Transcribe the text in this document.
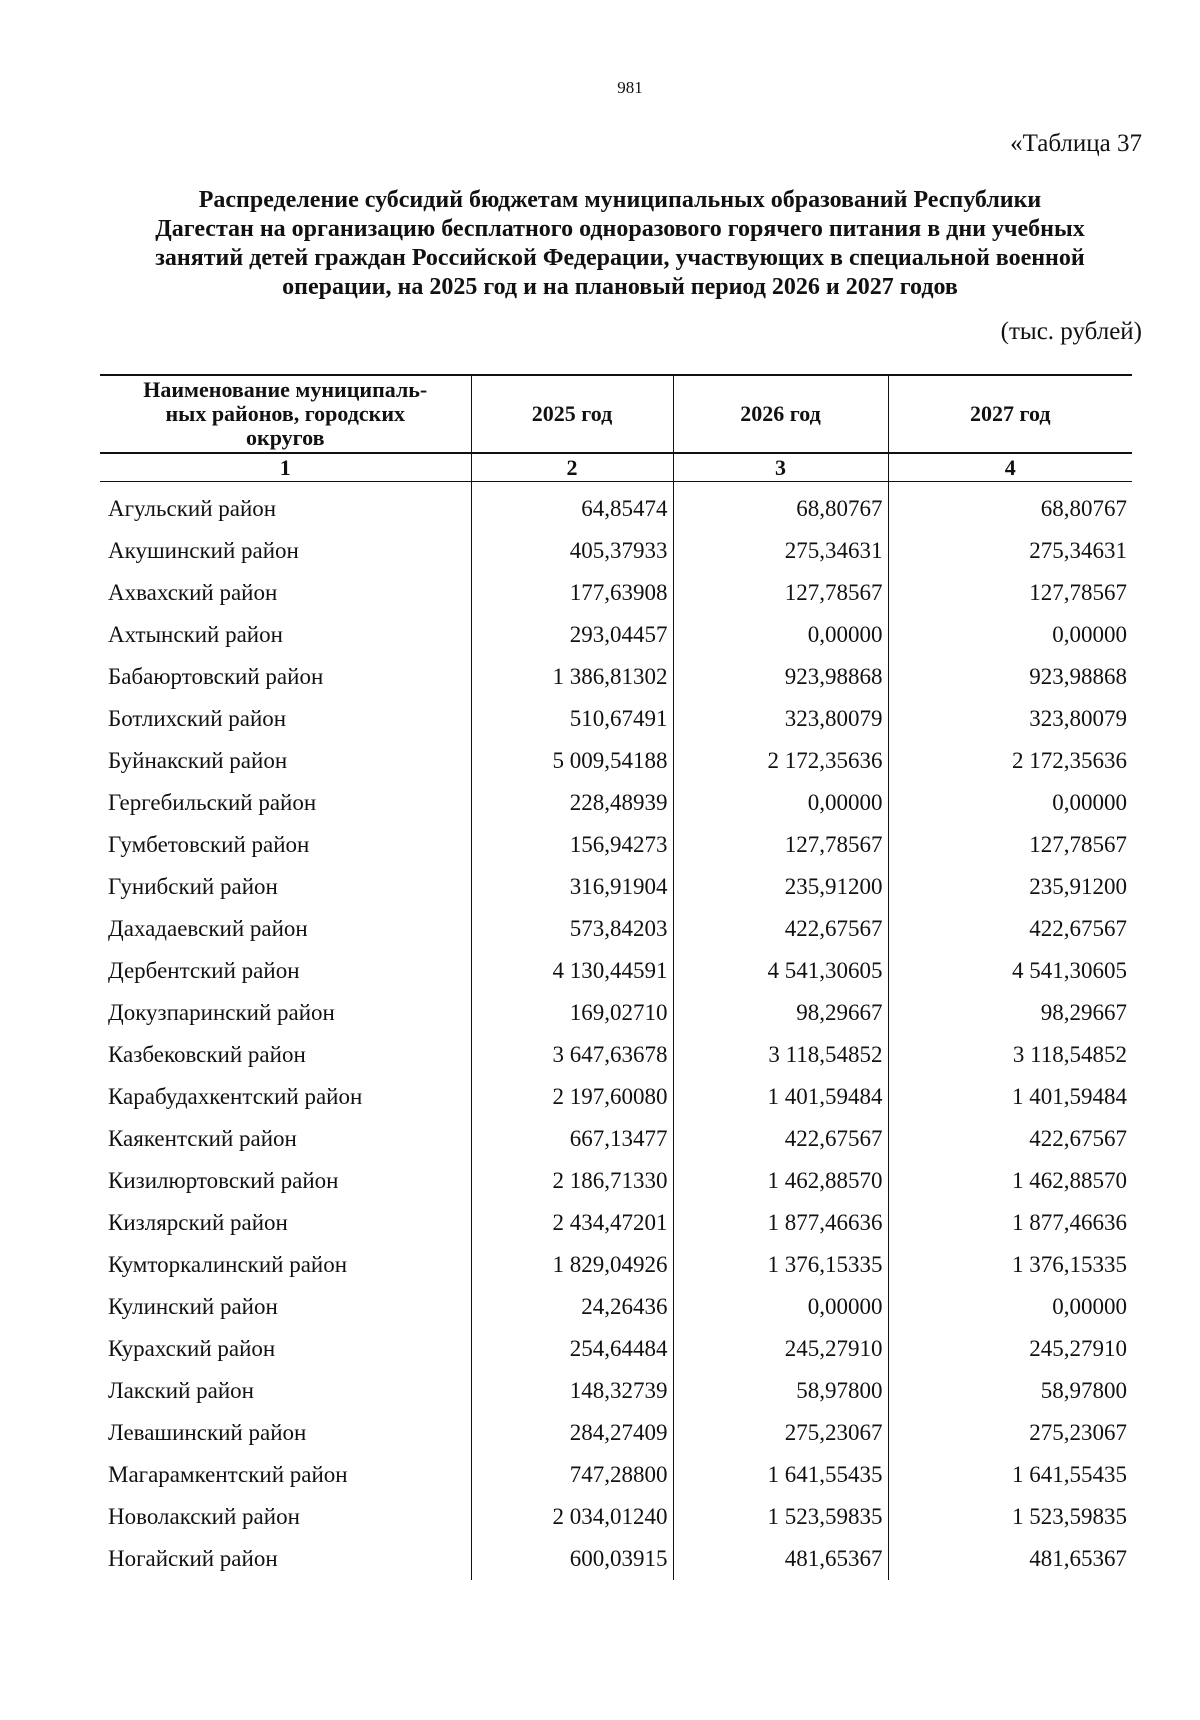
981
«Таблица 37
Распределение субсидий бюджетам муниципальных образований Республики
Дагестан на организацию бесплатного одноразового горячего питания в дни учебных
занятий детей граждан Российской Федерации, участвующих в специальной военной
операции, на 2025 год и на плановый период 2026 и 2027 годов
(тыс. рублей)
Наименование муниципаль-
ных районов, городских
округов	2025 год	2026 год	2027 год
1	2	3	4
Агульский район	64,85474	68,80767	68,80767
Акушинский район	405,37933	275,34631	275,34631
Ахвахский район	177,63908	127,78567	127,78567
Ахтынский район	293,04457	0,00000	0,00000
Бабаюртовский район	1 386,81302	923,98868	923,98868
Ботлихский район	510,67491	323,80079	323,80079
Буйнакский район	5 009,54188	2 172,35636	2 172,35636
Гергебильский район	228,48939	0,00000	0,00000
Гумбетовский район	156,94273	127,78567	127,78567
Гунибский район	316,91904	235,91200	235,91200
Дахадаевский район	573,84203	422,67567	422,67567
Дербентский район	4 130,44591	4 541,30605	4 541,30605
Докузпаринский район	169,02710	98,29667	98,29667
Казбековский район	3 647,63678	3 118,54852	3 118,54852
Карабудахкентский район	2 197,60080	1 401,59484	1 401,59484
Каякентский район	667,13477	422,67567	422,67567
Кизилюртовский район	2 186,71330	1 462,88570	1 462,88570
Кизлярский район	2 434,47201	1 877,46636	1 877,46636
Кумторкалинский район	1 829,04926	1 376,15335	1 376,15335
Кулинский район	24,26436	0,00000	0,00000
Курахский район	254,64484	245,27910	245,27910
Лакский район	148,32739	58,97800	58,97800
Левашинский район	284,27409	275,23067	275,23067
Магарамкентский район	747,28800	1 641,55435	1 641,55435
Новолакский район	2 034,01240	1 523,59835	1 523,59835
Ногайский район	600,03915	481,65367	481,65367
